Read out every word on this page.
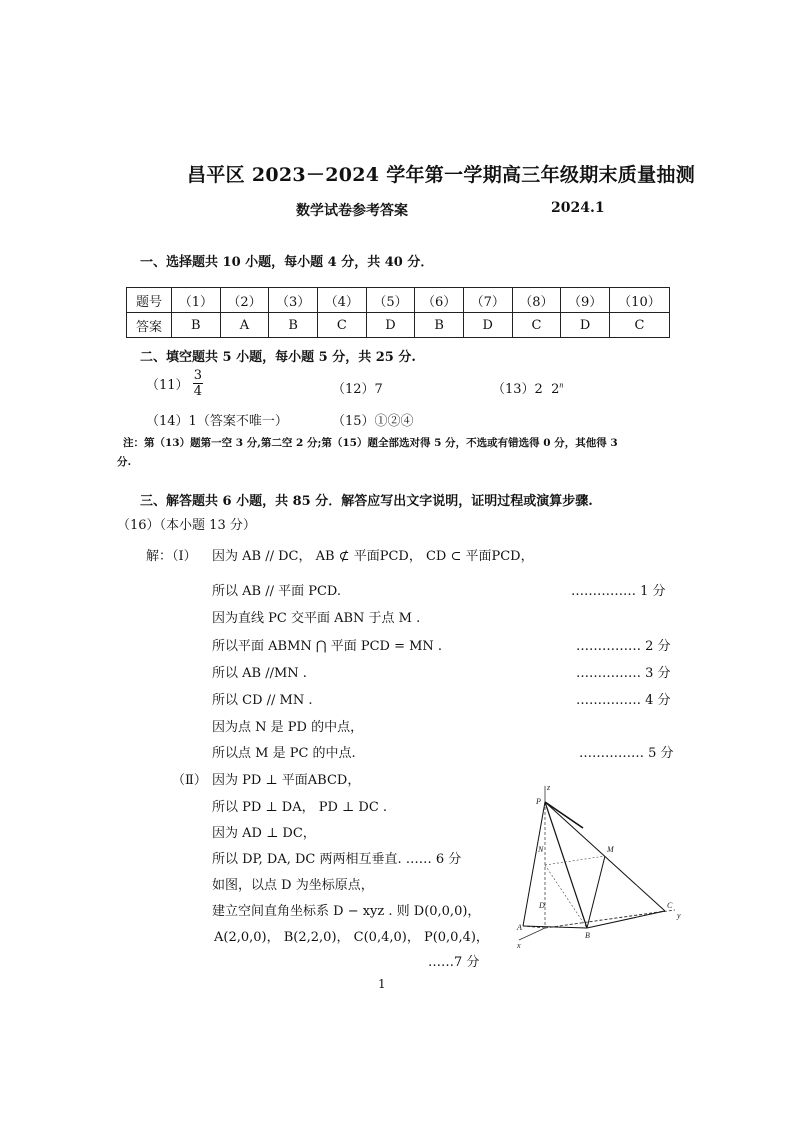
昌平区 2023－2024 学年第一学期高三年级期末质量抽测
数学试卷参考答案	2024.1
一、选择题共 10 小题，每小题 4 分，共 40 分．
题号	（1）	（2）	（3）	（4）	（5）	（6）	（7）	（8）	（9）	（10）
答案	B	A	B	C	D	B	D	C	D	C
二、填空题共 5 小题，每小题 5 分，共 25 分.
$(11) \frac{3}{4}$	（12）7	（13）2 2$^n$
（14）1（答案不唯一）	（15）①②④
注：第（13）题第一空 3 分,第二空 2 分;第（15）题全部选对得 5 分，不选或有错选得 0 分，其他得 3
分.
三、解答题共 6 小题，共 85 分．解答应写出文字说明，证明过程或演算步骤.
（16）（本小题 13 分）
解：（Ⅰ） 因为 AB // DC， AB ⊄ 平面PCD， CD ⊂ 平面PCD，
所以 AB // 平面 PCD.	…………… 1 分
因为直线 PC 交平面 ABN 于点 M .
所以平面 ABMN ⋂ 平面 PCD = MN .	…………… 2 分
所以 AB //MN .	…………… 3 分
所以 CD // MN .	…………… 4 分
因为点 N 是 PD 的中点，
所以点 M 是 PC 的中点.	…………… 5 分
（Ⅱ） 因为 PD ⊥ 平面ABCD，
所以 PD ⊥ DA， PD ⊥ DC .
因为 AD ⊥ DC，
所以 DP, DA, DC 两两相互垂直. …… 6 分
如图，以点 D 为坐标原点，
建立空间直角坐标系 D − xyz . 则 D(0,0,0)，
A(2,0,0)， B(2,2,0)， C(0,4,0)， P(0,0,4)，
……7 分
z
P
N	M
D	C
y
A
B
x
1
